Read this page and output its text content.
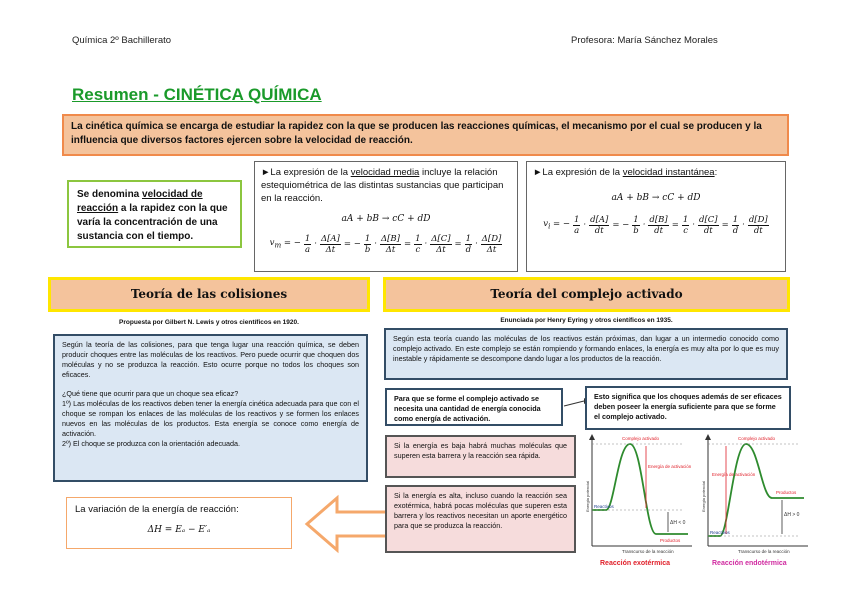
Química 2º Bachillerato	Profesora: María Sánchez Morales
Resumen - CINÉTICA QUÍMICA
La cinética química se encarga de estudiar la rapidez con la que se producen las reacciones químicas, el mecanismo por el cual se producen y la influencia que diversos factores ejercen sobre la velocidad de reacción.
Se denomina velocidad de reacción a la rapidez con la que varía la concentración de una sustancia con el tiempo.
►La expresión de la velocidad media incluye la relación estequiométrica de las distintas sustancias que participan en la reacción.
aA + bB → cC + dD
$v_m$ = − $\frac{1}{a} \cdot \frac{\Delta[A]}{\Delta t}$ = − $\frac{1}{b} \cdot \frac{\Delta[B]}{\Delta t} = \frac{1}{c} \cdot \frac{\Delta[C]}{\Delta t} = \frac{1}{d} \cdot \frac{\Delta[D]}{\Delta t}$
►La expresión de la velocidad instantánea:
aA + bB → cC + dD
$v_i$ = − $\frac{1}{a} \cdot \frac{d[A]}{dt}$ = − $\frac{1}{b} \cdot \frac{d[B]}{dt} = \frac{1}{c} \cdot \frac{d[C]}{dt} = \frac{1}{d} \cdot \frac{d[D]}{dt}$
Teoría de las colisiones	Teoría del complejo activado
Propuesta por Gilbert N. Lewis y otros científicos en 1920.	Enunciada por Henry Eyring y otros científicos en 1935.

Según la teoría de las colisiones, para que tenga lugar una reacción química, se deben producir choques entre las moléculas de los reactivos. Pero puede ocurrir que choquen dos moléculas y no se produzca la reacción. Esto ocurre porque no todos los choques son eficaces.

¿Qué tiene que ocurrir para que un choque sea eficaz?

1º) Las moléculas de los reactivos deben tener la energía cinética adecuada para que con el choque se rompan los enlaces de las moléculas de los reactivos y se formen los enlaces nuevos en las moléculas de los productos. Esta energía se conoce como energía de activación.

2º) El choque se produzca con la orientación adecuada.

La variación de la energía de reacción:
ΔH = Eₐ − E′ₐ

Según esta teoría cuando las moléculas de los reactivos están próximas, dan lugar a un intermedio conocido como complejo activado. En este complejo se están rompiendo y formando enlaces, la energía es muy alta por lo que es muy inestable y rápidamente se descompone dando lugar a los productos de la reacción.

Para que se forme el complejo activado se necesita una cantidad de energía conocida como energía de activación.
Esto significa que los choques además de ser eficaces deben poseer la energía suficiente para que se forme el complejo activado.
Si la energía es baja habrá muchas moléculas que superen esta barrera y la reacción sea rápida.
Si la energía es alta, incluso cuando la reacción sea exotérmica, habrá pocas moléculas que superen esta barrera y los reactivos necesitan un aporte energético para que se produzca la reacción.
Energía potencial
Complejo activado
Energía de activación
Reactivos
Productos
ΔH < 0
Transcurso de la reacción
Reacción exotérmica
Energía potencial
Complejo activado
Energía de activación
Reactivos
Productos
ΔH > 0
Transcurso de la reacción
Reacción endotérmica
